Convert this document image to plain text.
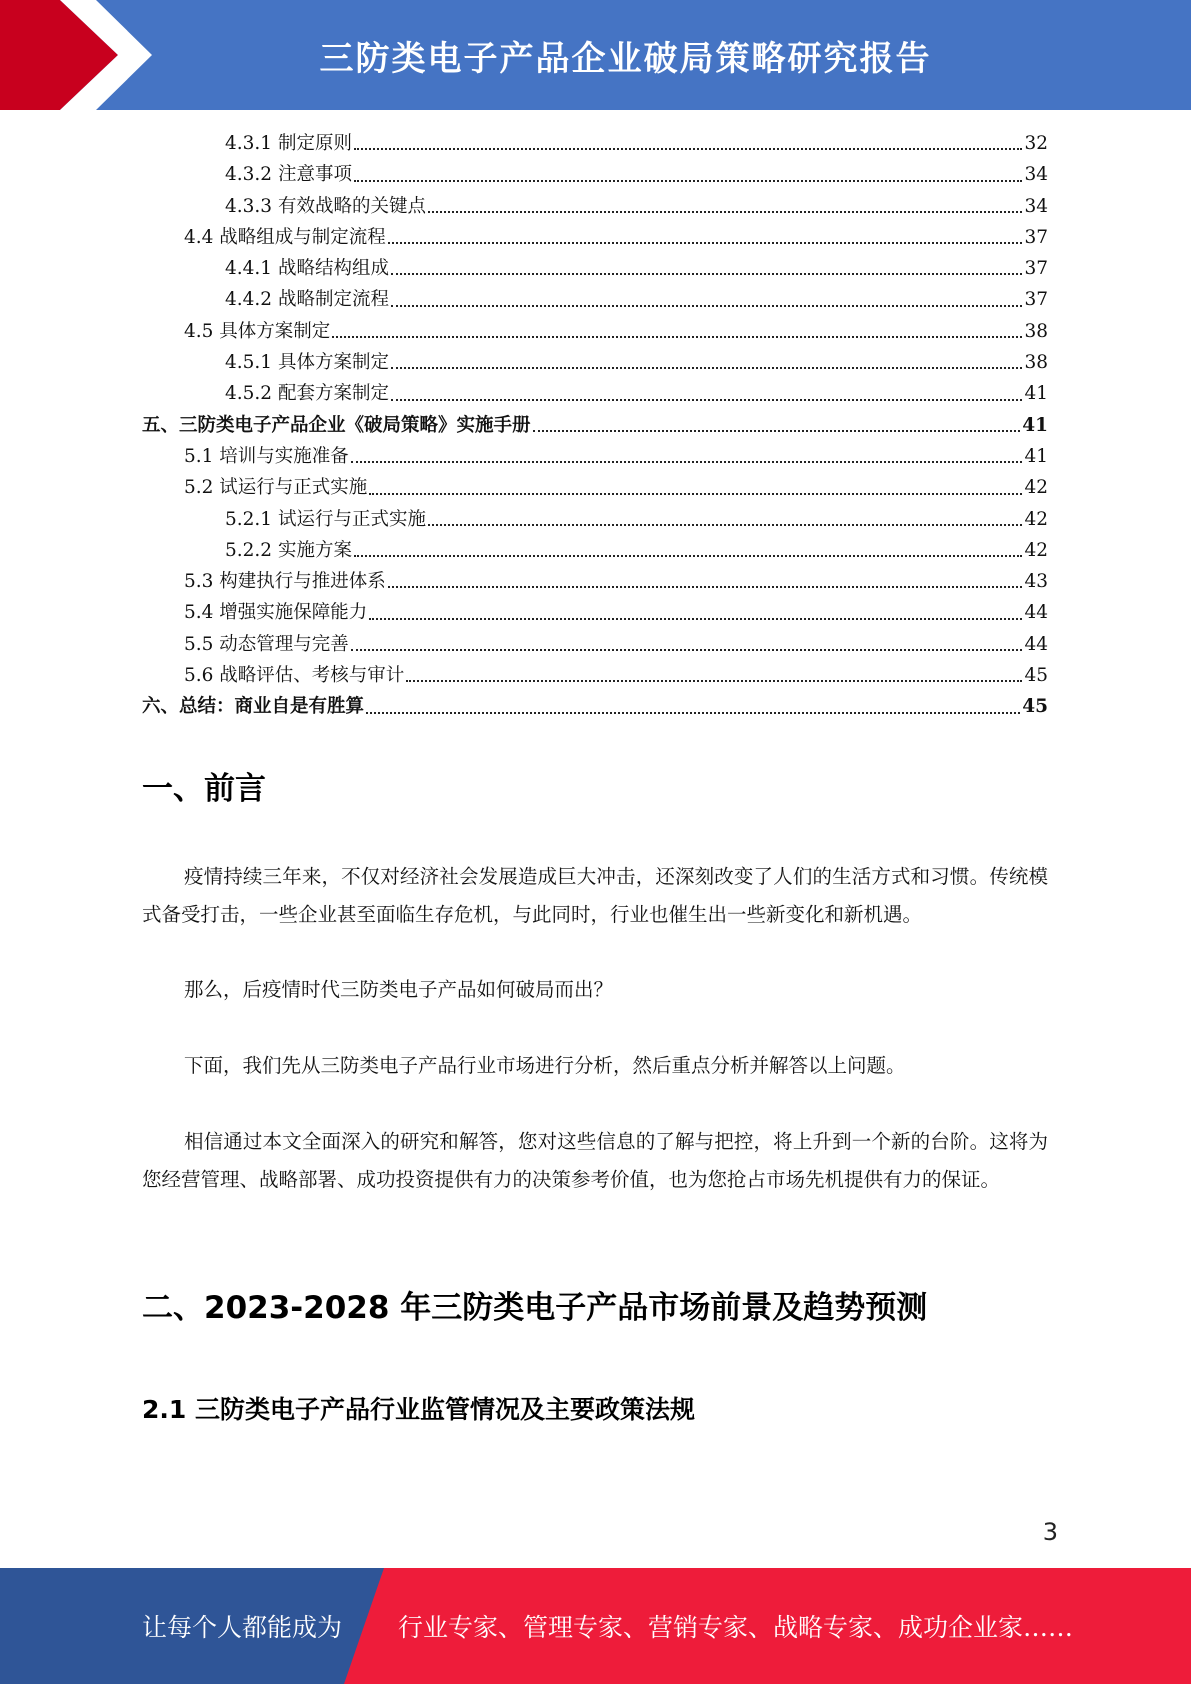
三防类电子产品企业破局策略研究报告
4.3.1 制定原则	32
4.3.2 注意事项	34
4.3.3 有效战略的关键点	34
4.4 战略组成与制定流程	37
4.4.1 战略结构组成	37
4.4.2 战略制定流程	37
4.5 具体方案制定	38
4.5.1 具体方案制定	38
4.5.2 配套方案制定	41
五、三防类电子产品企业《破局策略》实施手册	41
5.1 培训与实施准备	41
5.2 试运行与正式实施	42
5.2.1 试运行与正式实施	42
5.2.2 实施方案	42
5.3 构建执行与推进体系	43
5.4 增强实施保障能力	44
5.5 动态管理与完善	44
5.6 战略评估、考核与审计	45
六、总结：商业自是有胜算	45
一、前言

疫情持续三年来，不仅对经济社会发展造成巨大冲击，还深刻改变了人们的生活方式和习惯。传统模式备受打击，一些企业甚至面临生存危机，与此同时，行业也催生出一些新变化和新机遇。

那么，后疫情时代三防类电子产品如何破局而出？

下面，我们先从三防类电子产品行业市场进行分析，然后重点分析并解答以上问题。

相信通过本文全面深入的研究和解答，您对这些信息的了解与把控，将上升到一个新的台阶。这将为您经营管理、战略部署、成功投资提供有力的决策参考价值，也为您抢占市场先机提供有力的保证。

二、2023-2028 年三防类电子产品市场前景及趋势预测
2.1 三防类电子产品行业监管情况及主要政策法规
3
让每个人都能成为 行业专家、管理专家、营销专家、战略专家、成功企业家……
